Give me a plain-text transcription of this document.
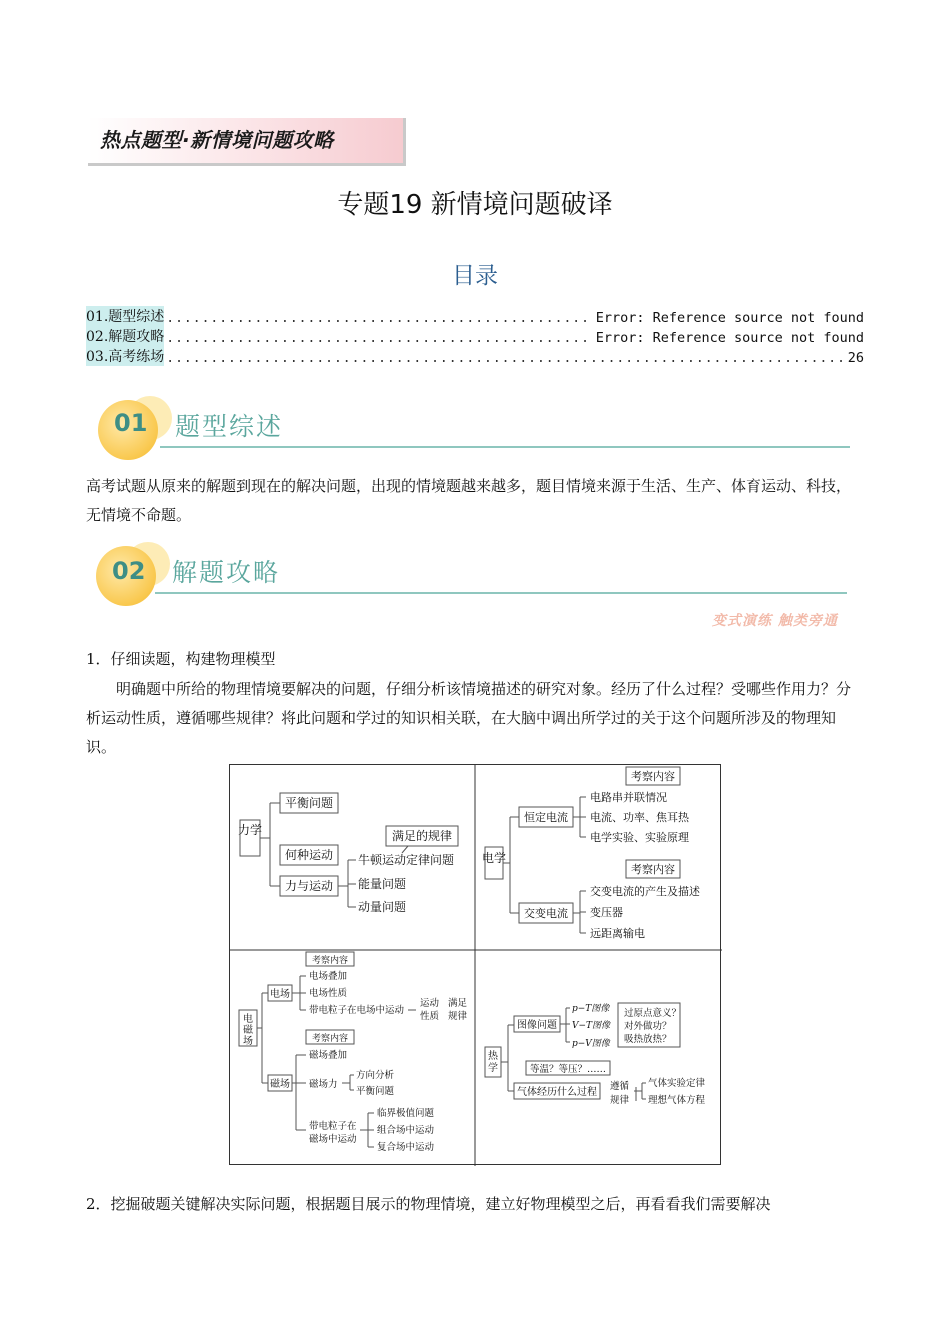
热点题型·新情境问题攻略
专题19 新情境问题破译
目录
01.题型综述 ................................................ Error: Reference source not found
02.解题攻略 ................................................ Error: Reference source not found
03.高考练场 ............................................................................. 26
01 题型综述
高考试题从原来的解题到现在的解决问题，出现的情境题越来越多，题目情境来源于生活、生产、体育运动、科技，无情境不命题。
02 解题攻略
变式演练 触类旁通
1．仔细读题，构建物理模型
明确题中所给的物理情境要解决的问题，仔细分析该情境描述的研究对象。经历了什么过程？受哪些作用力？分析运动性质，遵循哪些规律？将此问题和学过的知识相关联，在大脑中调出所学过的关于这个问题所涉及的物理知识。
力学
平衡问题
何种运动
力与运动
满足的规律
牛顿运动定律问题
能量问题
动量问题
电学
恒定电流
交变电流
考察内容
考察内容
电路串并联情况
电流、功率、焦耳热
电学实验、实验原理
交变电流的产生及描述
变压器
远距离输电
电
磁
场
电场
磁场
考察内容
考察内容
电场叠加
电场性质
带电粒子在电场中运动
运动
性质
满足
规律
磁场叠加
磁场力
方向分析
平衡问题
带电粒子在
磁场中运动
临界极值问题
组合场中运动
复合场中运动
热
学
图像问题
气体经历什么过程
等温？等压？……
p−T图像
V−T图像
p−V图像
过原点意义？
对外做功？
吸热放热？
遵循
规律
气体实验定律
理想气体方程
2．挖掘破题关键解决实际问题，根据题目展示的物理情境，建立好物理模型之后，再看看我们需要解决
